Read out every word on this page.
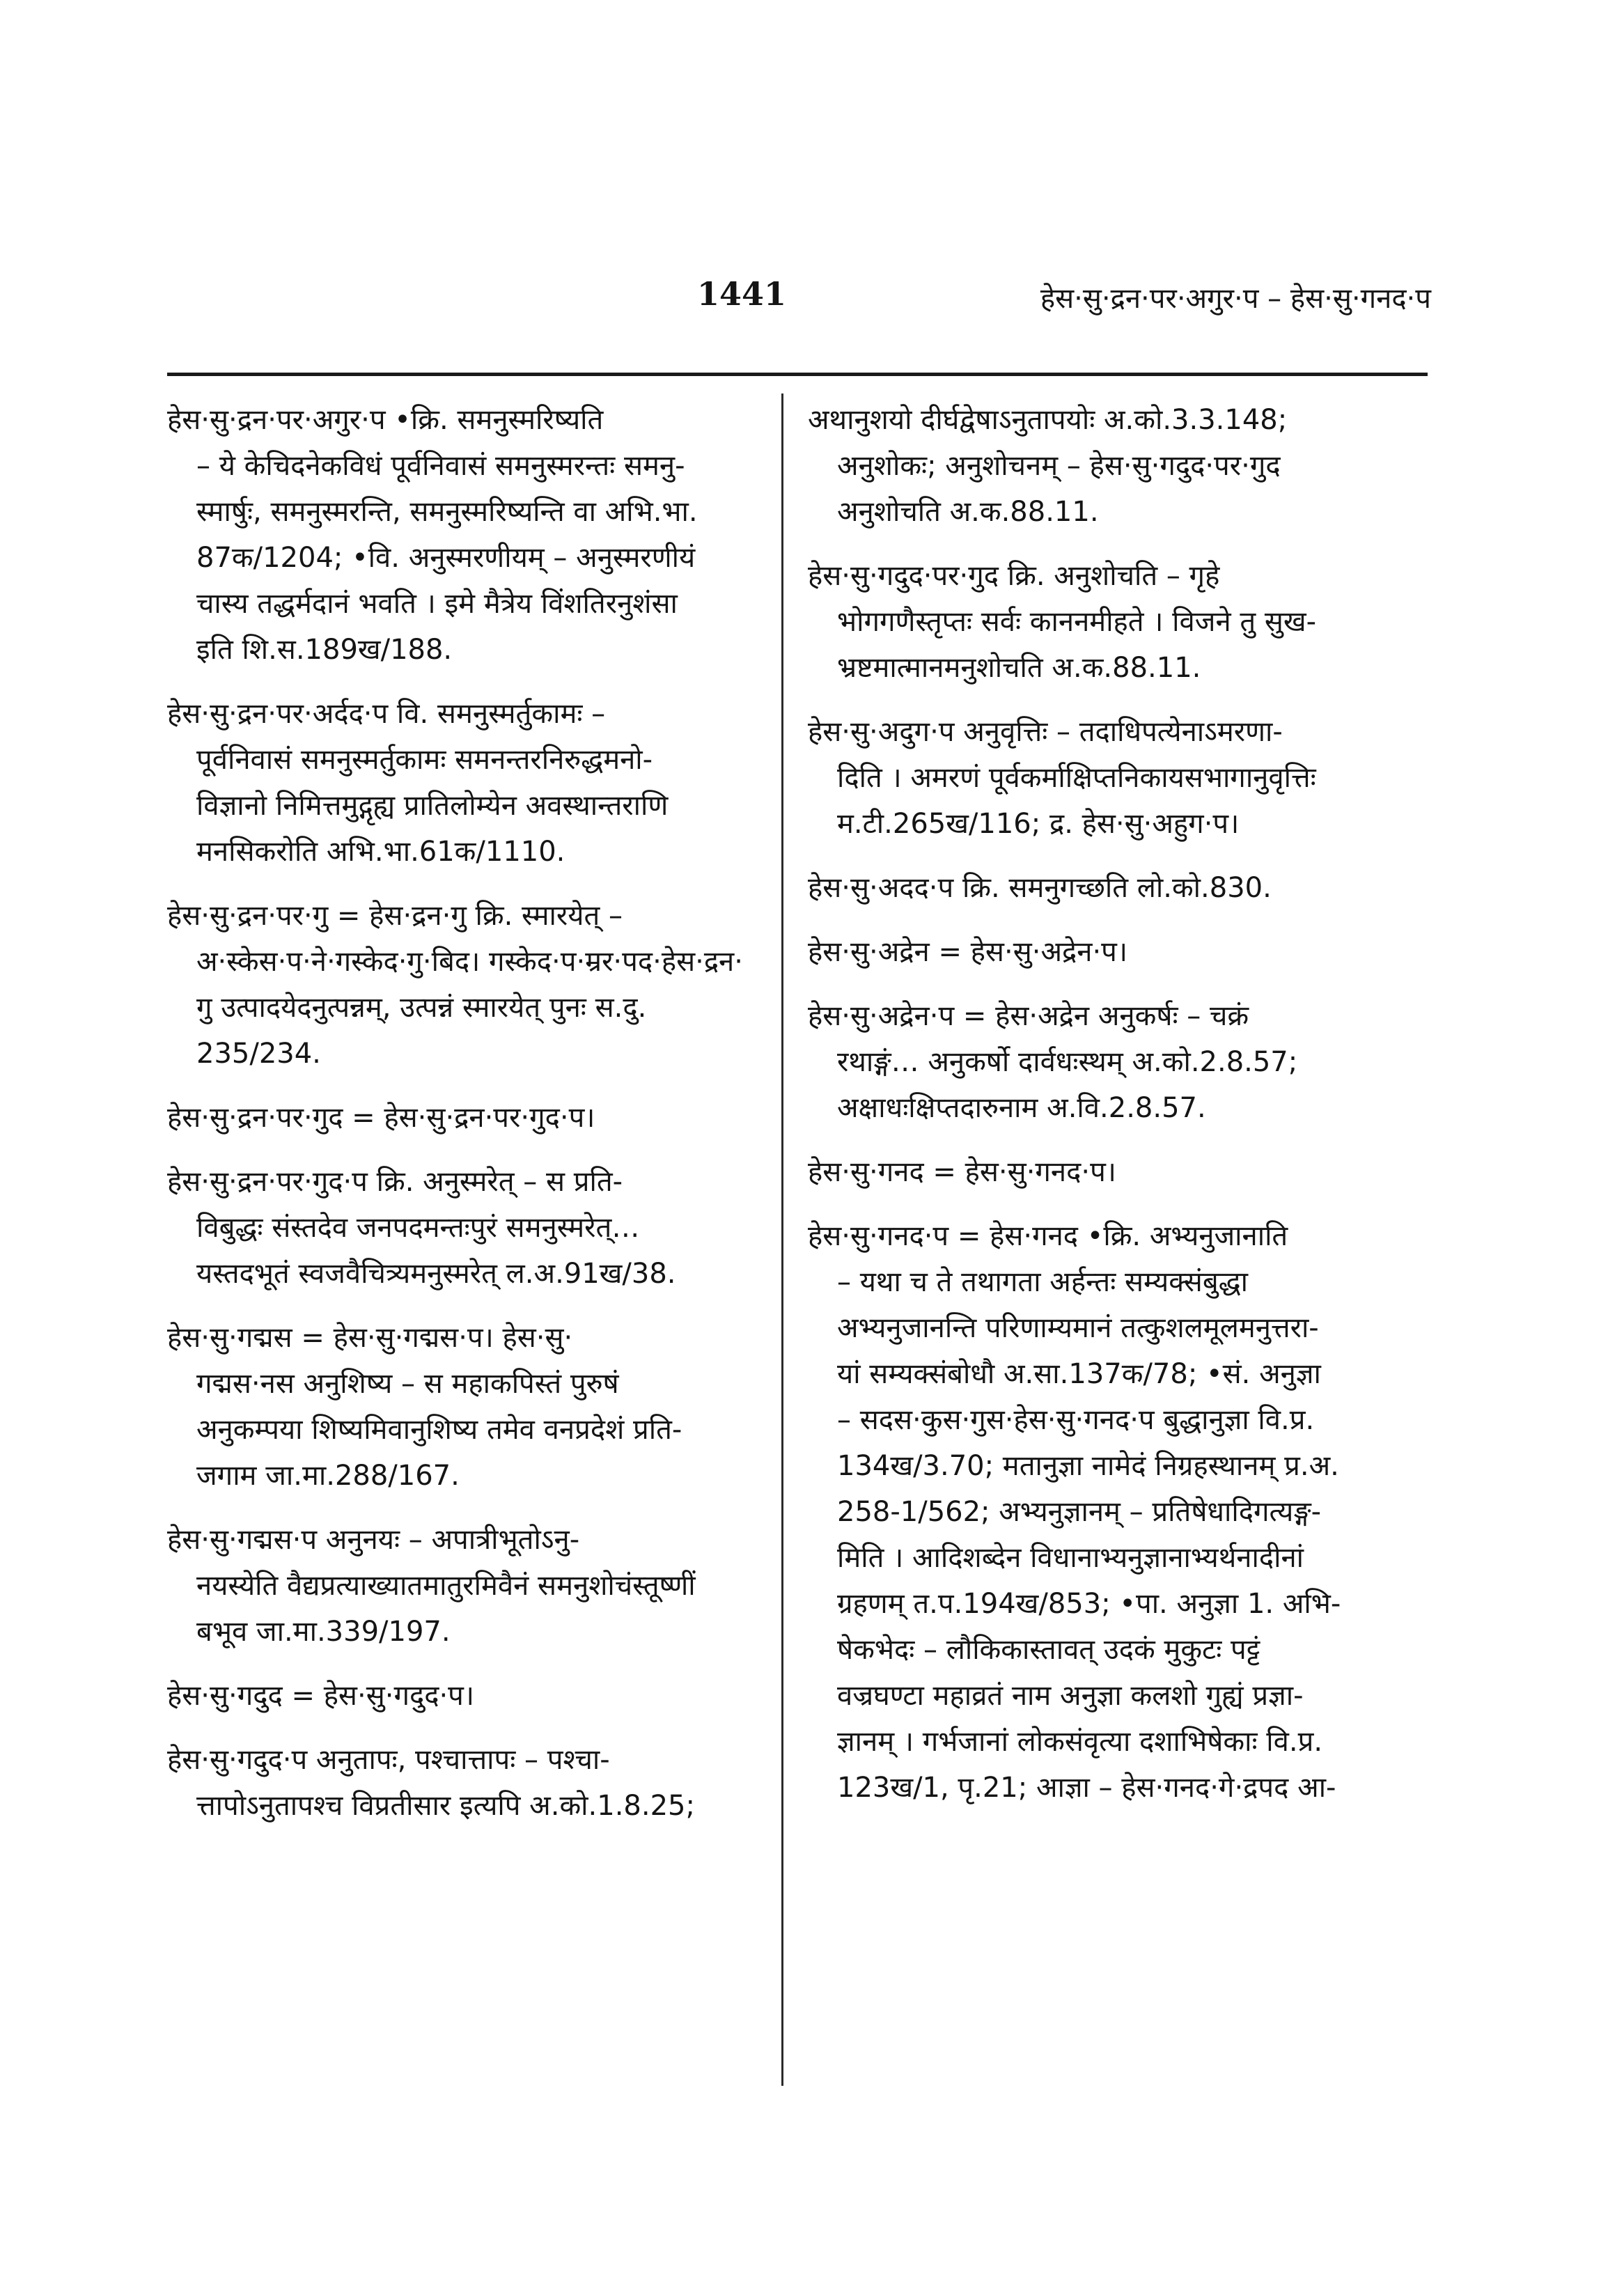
1441	हेस·सु·द्रन·पर·अगुर·प – हेस·सु·गनद·प
हेस·सु·द्रन·पर·अगुर·प •क्रि. समनुस्मरिष्यति
– ये केचिदनेकविधं पूर्वनिवासं समनुस्मरन्तः समनु-
स्मार्षुः, समनुस्मरन्ति, समनुस्मरिष्यन्ति वा अभि.भा.
87क/1204; •वि. अनुस्मरणीयम् – अनुस्मरणीयं
चास्य तद्धर्मदानं भवति । इमे मैत्रेय विंशतिरनुशंसा
इति शि.स.189ख/188.
हेस·सु·द्रन·पर·अर्दद·प वि. समनुस्मर्तुकामः –
पूर्वनिवासं समनुस्मर्तुकामः समनन्तरनिरुद्धमनो-
विज्ञानो निमित्तमुद्गृह्य प्रातिलोम्येन अवस्थान्तराणि
मनसिकरोति अभि.भा.61क/1110.
हेस·सु·द्रन·पर·गु = हेस·द्रन·गु क्रि. स्मारयेत् –
अ·स्केस·प·ने·गस्केद·गु·बिद। गस्केद·प·म्रर·पद·हेस·द्रन·
गु उत्पादयेदनुत्पन्नम्, उत्पन्नं स्मारयेत् पुनः स.दु.
235/234.
हेस·सु·द्रन·पर·गुद = हेस·सु·द्रन·पर·गुद·प।
हेस·सु·द्रन·पर·गुद·प क्रि. अनुस्मरेत् – स प्रति-
विबुद्धः संस्तदेव जनपदमन्तःपुरं समनुस्मरेत्…
यस्तदभूतं स्वजवैचित्र्यमनुस्मरेत् ल.अ.91ख/38.
हेस·सु·गद्मस = हेस·सु·गद्मस·प। हेस·सु·
गद्मस·नस अनुशिष्य – स महाकपिस्तं पुरुषं
अनुकम्पया शिष्यमिवानुशिष्य तमेव वनप्रदेशं प्रति-
जगाम जा.मा.288/167.
हेस·सु·गद्मस·प अनुनयः – अपात्रीभूतोऽनु-
नयस्येति वैद्यप्रत्याख्यातमातुरमिवैनं समनुशोचंस्तूष्णीं
बभूव जा.मा.339/197.
हेस·सु·गदुद = हेस·सु·गदुद·प।
हेस·सु·गदुद·प अनुतापः, पश्चात्तापः – पश्चा-
त्तापोऽनुतापश्च विप्रतीसार इत्यपि अ.को.1.8.25;
अथानुशयो दीर्घद्वेषाऽनुतापयोः अ.को.3.3.148;
अनुशोकः; अनुशोचनम् – हेस·सु·गदुद·पर·गुद
अनुशोचति अ.क.88.11.
हेस·सु·गदुद·पर·गुद क्रि. अनुशोचति – गृहे
भोगगणैस्तृप्तः सर्वः काननमीहते । विजने तु सुख-
भ्रष्टमात्मानमनुशोचति अ.क.88.11.
हेस·सु·अदुग·प अनुवृत्तिः – तदाधिपत्येनाऽमरणा-
दिति । अमरणं पूर्वकर्माक्षिप्तनिकायसभागानुवृत्तिः
म.टी.265ख/116; द्र. हेस·सु·अहुग·प।
हेस·सु·अदद·प क्रि. समनुगच्छति लो.को.830.
हेस·सु·अद्रेन = हेस·सु·अद्रेन·प।
हेस·सु·अद्रेन·प = हेस·अद्रेन अनुकर्षः – चक्रं
रथाङ्गं… अनुकर्षो दार्वधःस्थम् अ.को.2.8.57;
अक्षाधःक्षिप्तदारुनाम अ.वि.2.8.57.
हेस·सु·गनद = हेस·सु·गनद·प।
हेस·सु·गनद·प = हेस·गनद •क्रि. अभ्यनुजानाति
– यथा च ते तथागता अर्हन्तः सम्यक्संबुद्धा
अभ्यनुजानन्ति परिणाम्यमानं तत्कुशलमूलमनुत्तरा-
यां सम्यक्संबोधौ अ.सा.137क/78; •सं. अनुज्ञा
– सदस·कुस·गुस·हेस·सु·गनद·प बुद्धानुज्ञा वि.प्र.
134ख/3.70; मतानुज्ञा नामेदं निग्रहस्थानम् प्र.अ.
258-1/562; अभ्यनुज्ञानम् – प्रतिषेधादिगत्यङ्ग-
मिति । आदिशब्देन विधानाभ्यनुज्ञानाभ्यर्थनादीनां
ग्रहणम् त.प.194ख/853; •पा. अनुज्ञा 1. अभि-
षेकभेदः – लौकिकास्तावत् उदकं मुकुटः पट्टं
वज्रघण्टा महाव्रतं नाम अनुज्ञा कलशो गुह्यं प्रज्ञा-
ज्ञानम् । गर्भजानां लोकसंवृत्या दशाभिषेकाः वि.प्र.
123ख/1, पृ.21; आज्ञा – हेस·गनद·गे·द्रपद आ-
